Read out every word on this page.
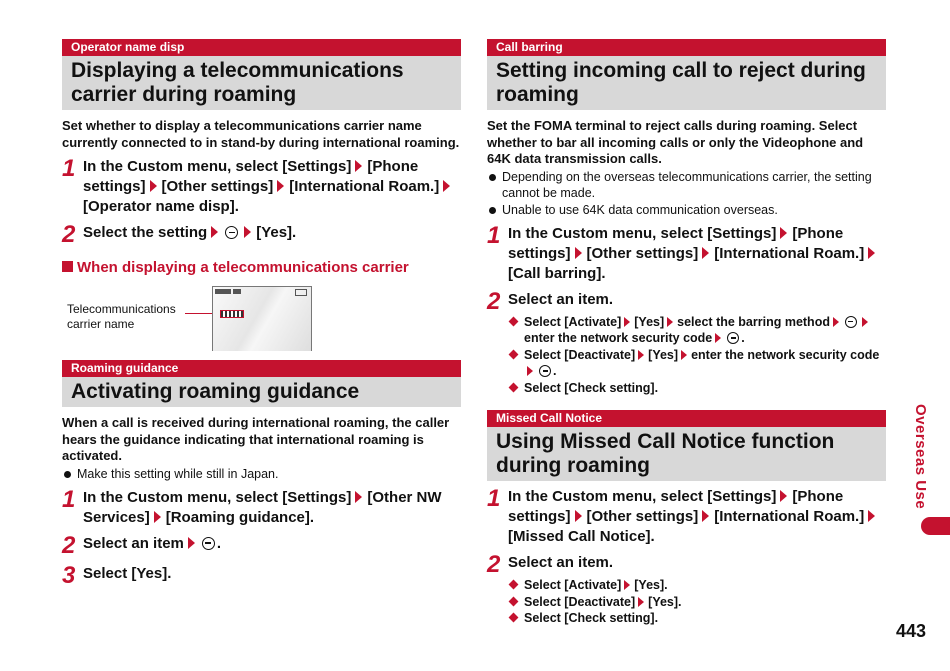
Operator name disp
Displaying a telecommunications carrier during roaming
Set whether to display a telecommunications carrier name currently connected to in stand-by during international roaming.
1 In the Custom menu, select [Settings] [Phone settings] [Other settings] [International Roam.][Operator name disp].
2 Select the setting	[Yes].
When displaying a telecommunications carrier
Telecommunications carrier name
Roaming guidance
Activating roaming guidance
When a call is received during international roaming, the caller hears the guidance indicating that international roaming is activated.
Make this setting while still in Japan.
1 In the Custom menu, select [Settings] [Other NW Services] [Roaming guidance].
2 Select an item .
3 Select [Yes].
Call barring
Setting incoming call to reject during roaming
Set the FOMA terminal to reject calls during roaming. Select whether to bar all incoming calls or only the Videophone and 64K data transmission calls.
Depending on the overseas telecommunications carrier, the setting cannot be made.
Unable to use 64K data communication overseas.
1 In the Custom menu, select [Settings] [Phone settings] [Other settings] [International Roam.][Call barring].
2 Select an item.
Select [Activate] [Yes] select the barring methodenter the network security code .
Select [Deactivate] [Yes] enter the network security code.
Select [Check setting].
Missed Call Notice
Using Missed Call Notice function during roaming
1 In the Custom menu, select [Settings] [Phone settings] [Other settings] [International Roam.][Missed Call Notice].
2 Select an item.
Select [Activate] [Yes].
Select [Deactivate] [Yes].
Select [Check setting].
Overseas Use
443
